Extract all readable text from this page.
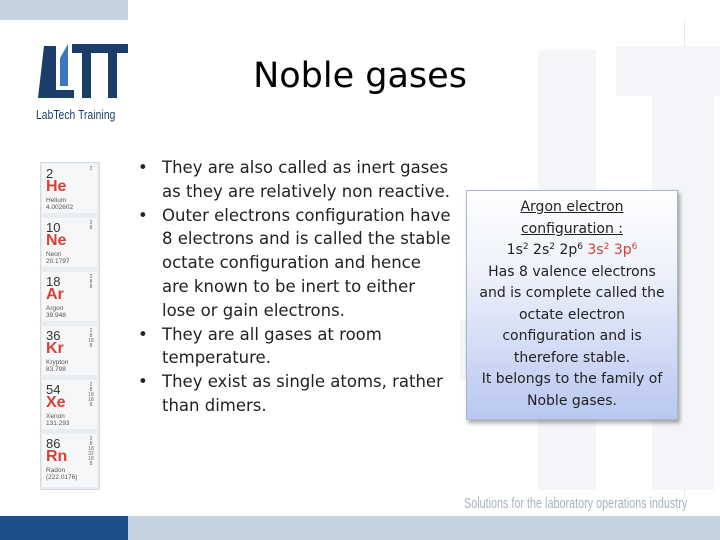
LabTech Training
Noble gases
2
He
Helium
4.002602
2
10
Ne
Neon
20.1797
2
8
18
Ar
Argon
39.948
2
8
8
36
Kr
Krypton
83.798
2
8
18
8
54
Xe
Xenon
131.293
2
8
18
18
8
86
Rn
Radon
(222.0176)
2
8
18
32
18
8
• They are also called as inert gases as they are relatively non reactive.
• Outer electrons configuration have 8 electrons and is called the stable octate configuration and hence are known to be inert to either lose or gain electrons.
• They are all gases at room temperature.
• They exist as single atoms, rather than dimers.
Argon electron
configuration :
$1s^2$ $2s^2$ $2p^6$ $3s^2$ $3p^6$
Has 8 valence electrons
and is complete called the
octate electron
configuration and is
therefore stable.
It belongs to the family of
Noble gases.
Solutions for the laboratory operations industry
